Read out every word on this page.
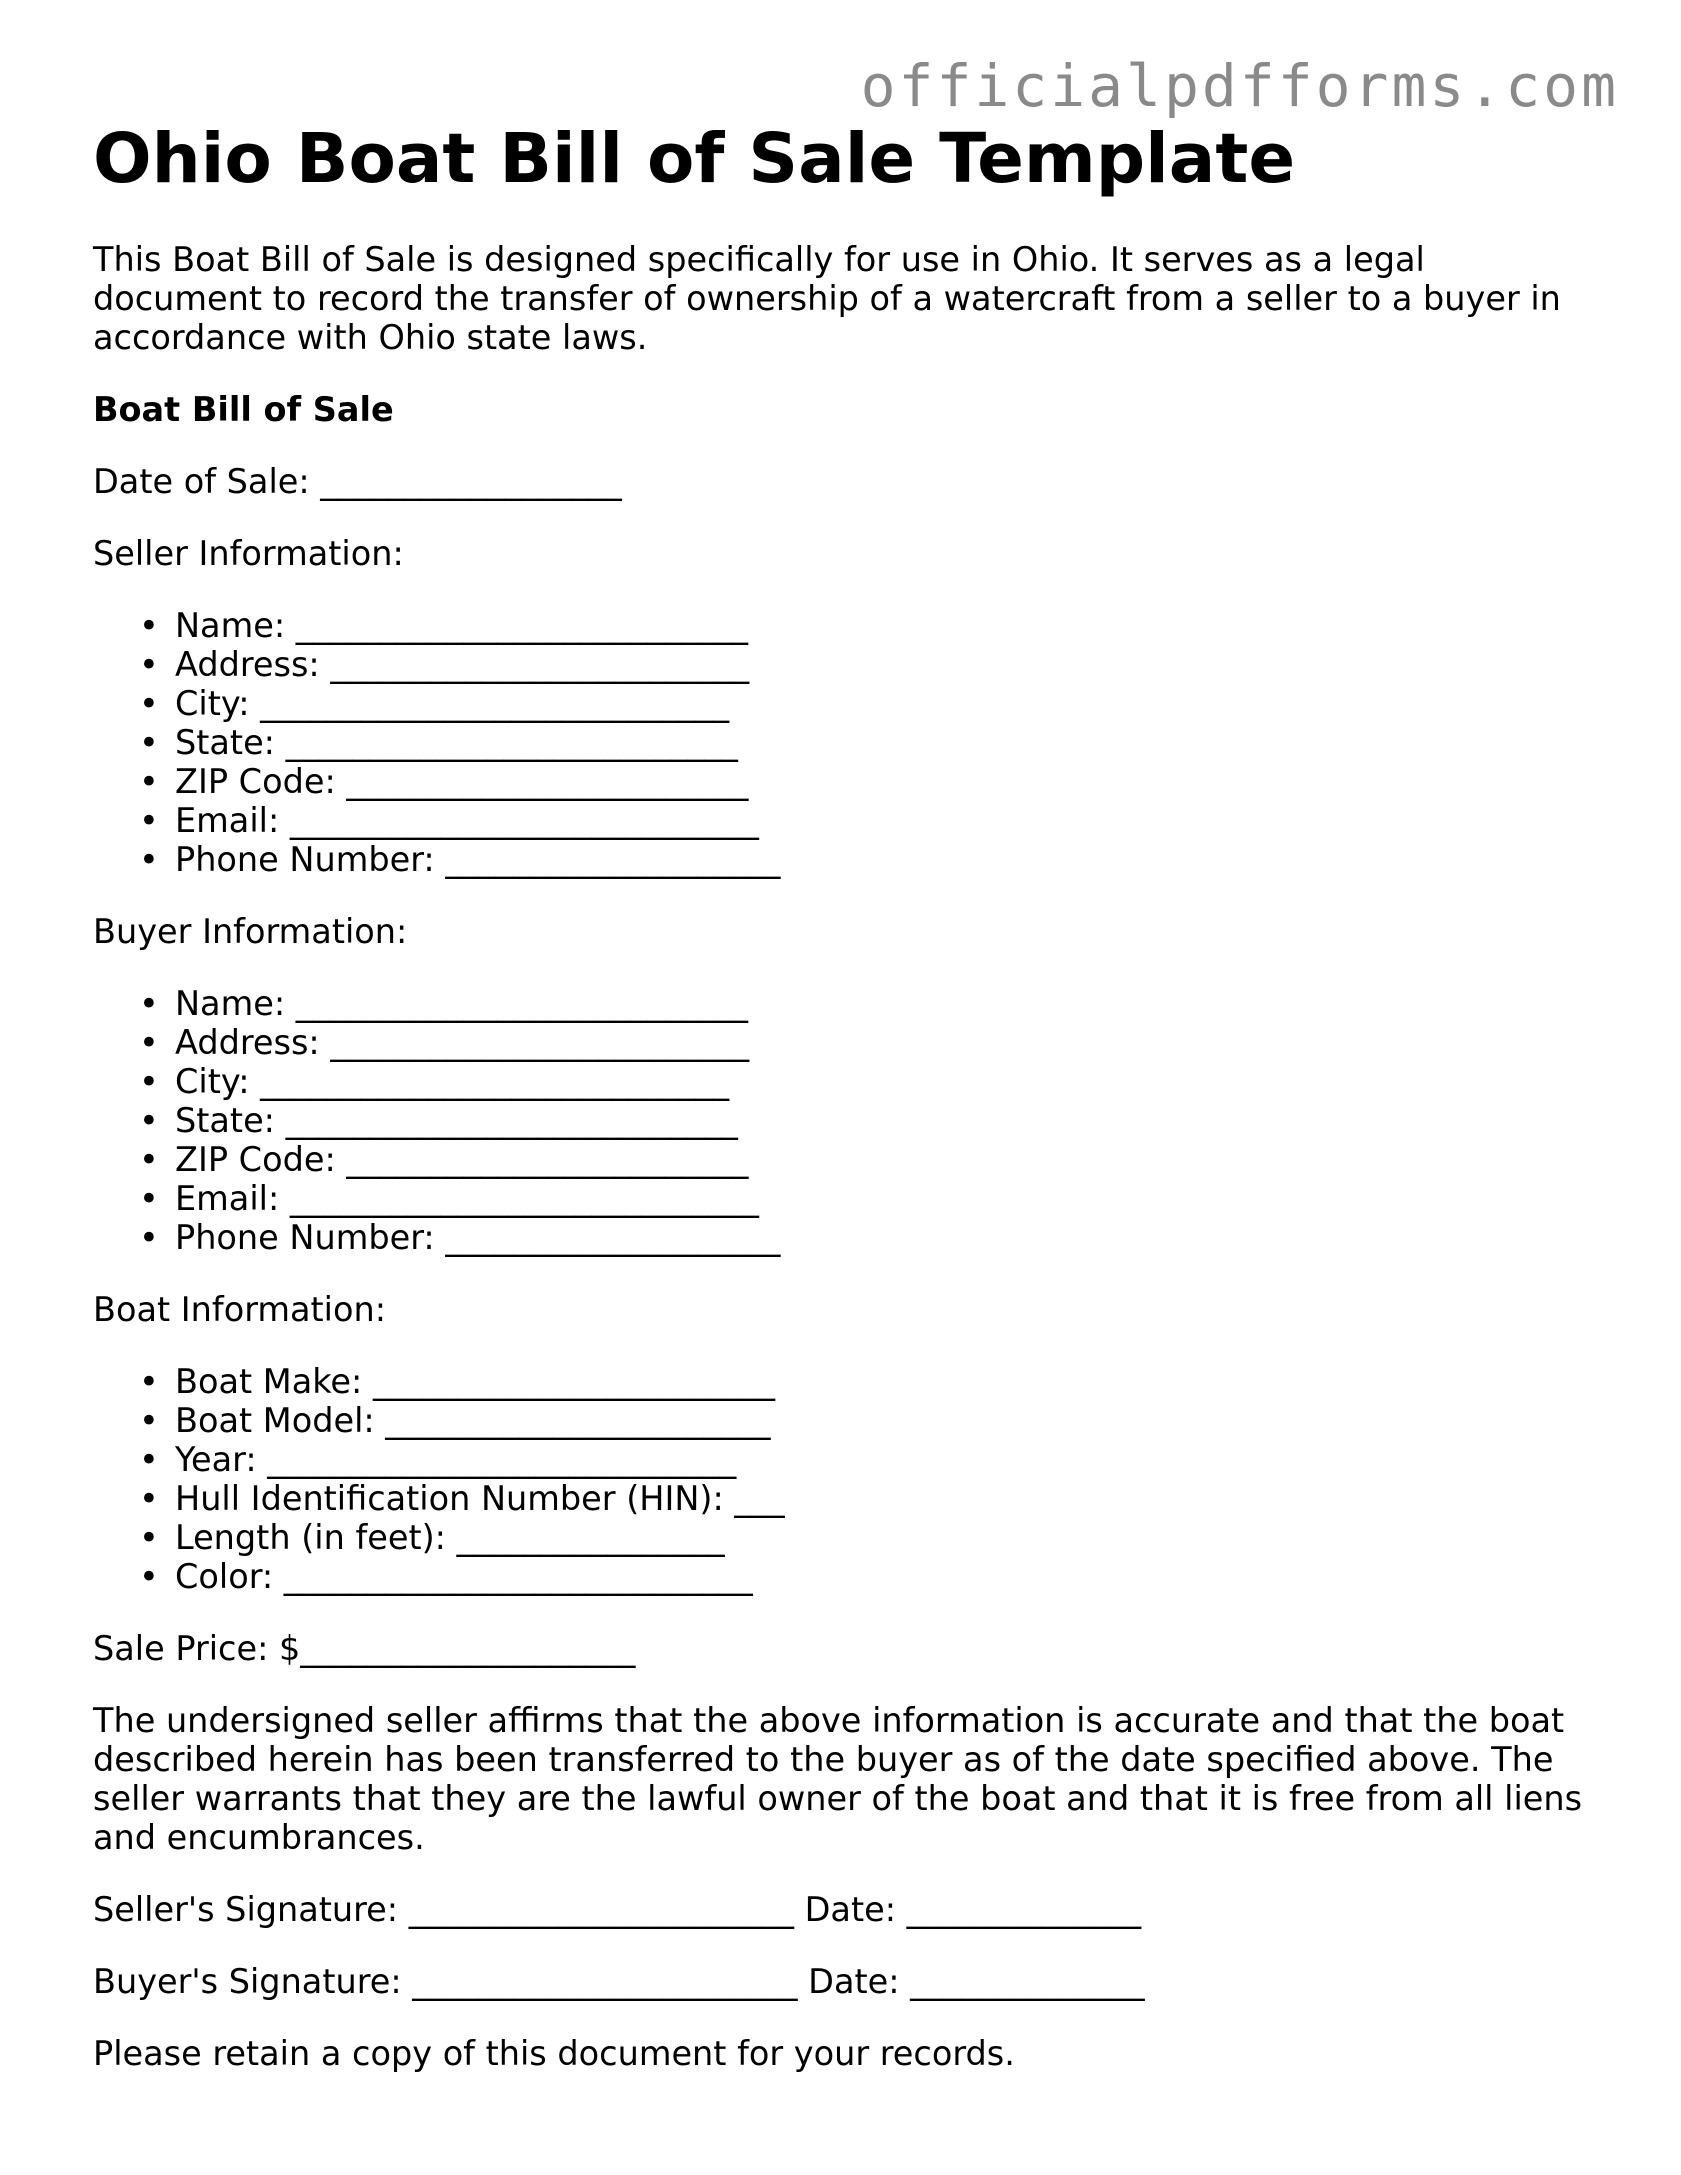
officialpdfforms.com
Ohio Boat Bill of Sale Template

This Boat Bill of Sale is designed specifically for use in Ohio. It serves as a legal document to record the transfer of ownership of a watercraft from a seller to a buyer in accordance with Ohio state laws.

Boat Bill of Sale

Date of Sale: __________________

Seller Information:

• Name: ___________________________
• Address: _________________________
• City: ____________________________
• State: ___________________________
• ZIP Code: ________________________
• Email: ____________________________
• Phone Number: ____________________

Buyer Information:

• Name: ___________________________
• Address: _________________________
• City: ____________________________
• State: ___________________________
• ZIP Code: ________________________
• Email: ____________________________
• Phone Number: ____________________

Boat Information:

• Boat Make: ________________________
• Boat Model: _______________________
• Year: ____________________________
• Hull Identification Number (HIN): ___
• Length (in feet): ________________
• Color: ____________________________

Sale Price: $____________________

The undersigned seller affirms that the above information is accurate and that the boat described herein has been transferred to the buyer as of the date specified above. The seller warrants that they are the lawful owner of the boat and that it is free from all liens and encumbrances.

Seller's Signature: _______________________ Date: ______________

Buyer's Signature: _______________________ Date: ______________

Please retain a copy of this document for your records.
